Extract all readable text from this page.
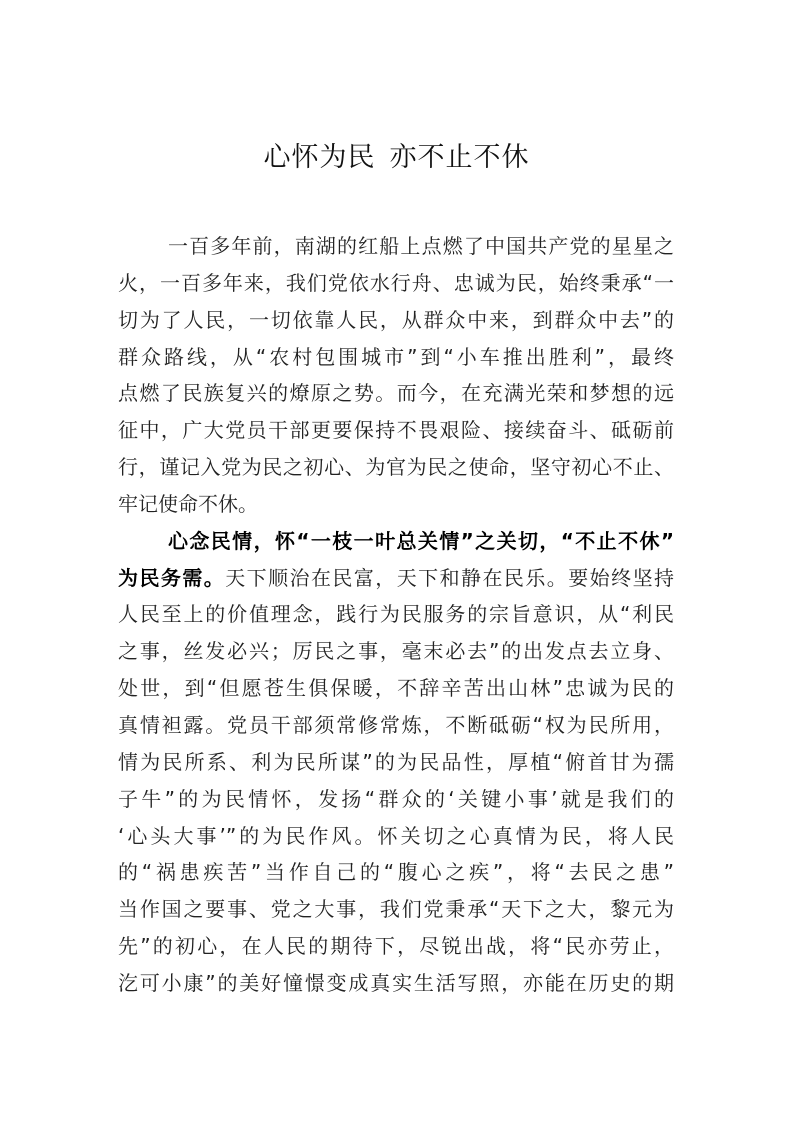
心怀为民 亦不止不休
一百多年前，南湖的红船上点燃了中国共产党的星星之
火，一百多年来，我们党依水行舟、忠诚为民，始终秉承“一
切为了人民，一切依靠人民，从群众中来，到群众中去”的
群众路线，从“农村包围城市”到“小车推出胜利”，最终
点燃了民族复兴的燎原之势。而今，在充满光荣和梦想的远
征中，广大党员干部更要保持不畏艰险、接续奋斗、砥砺前
行，谨记入党为民之初心、为官为民之使命，坚守初心不止、
牢记使命不休。
心念民情，怀“一枝一叶总关情”之关切，“不止不休”
为民务需。天下顺治在民富，天下和静在民乐。要始终坚持
人民至上的价值理念，践行为民服务的宗旨意识，从“利民
之事，丝发必兴；厉民之事，毫末必去”的出发点去立身、
处世，到“但愿苍生俱保暖，不辞辛苦出山林”忠诚为民的
真情袒露。党员干部须常修常炼，不断砥砺“权为民所用，
情为民所系、利为民所谋”的为民品性，厚植“俯首甘为孺
子牛”的为民情怀，发扬“群众的‘关键小事’就是我们的
‘心头大事’”的为民作风。怀关切之心真情为民，将人民
的“祸患疾苦”当作自己的“腹心之疾”，将“去民之患”
当作国之要事、党之大事，我们党秉承“天下之大，黎元为
先”的初心，在人民的期待下，尽锐出战，将“民亦劳止，
汔可小康”的美好憧憬变成真实生活写照，亦能在历史的期
